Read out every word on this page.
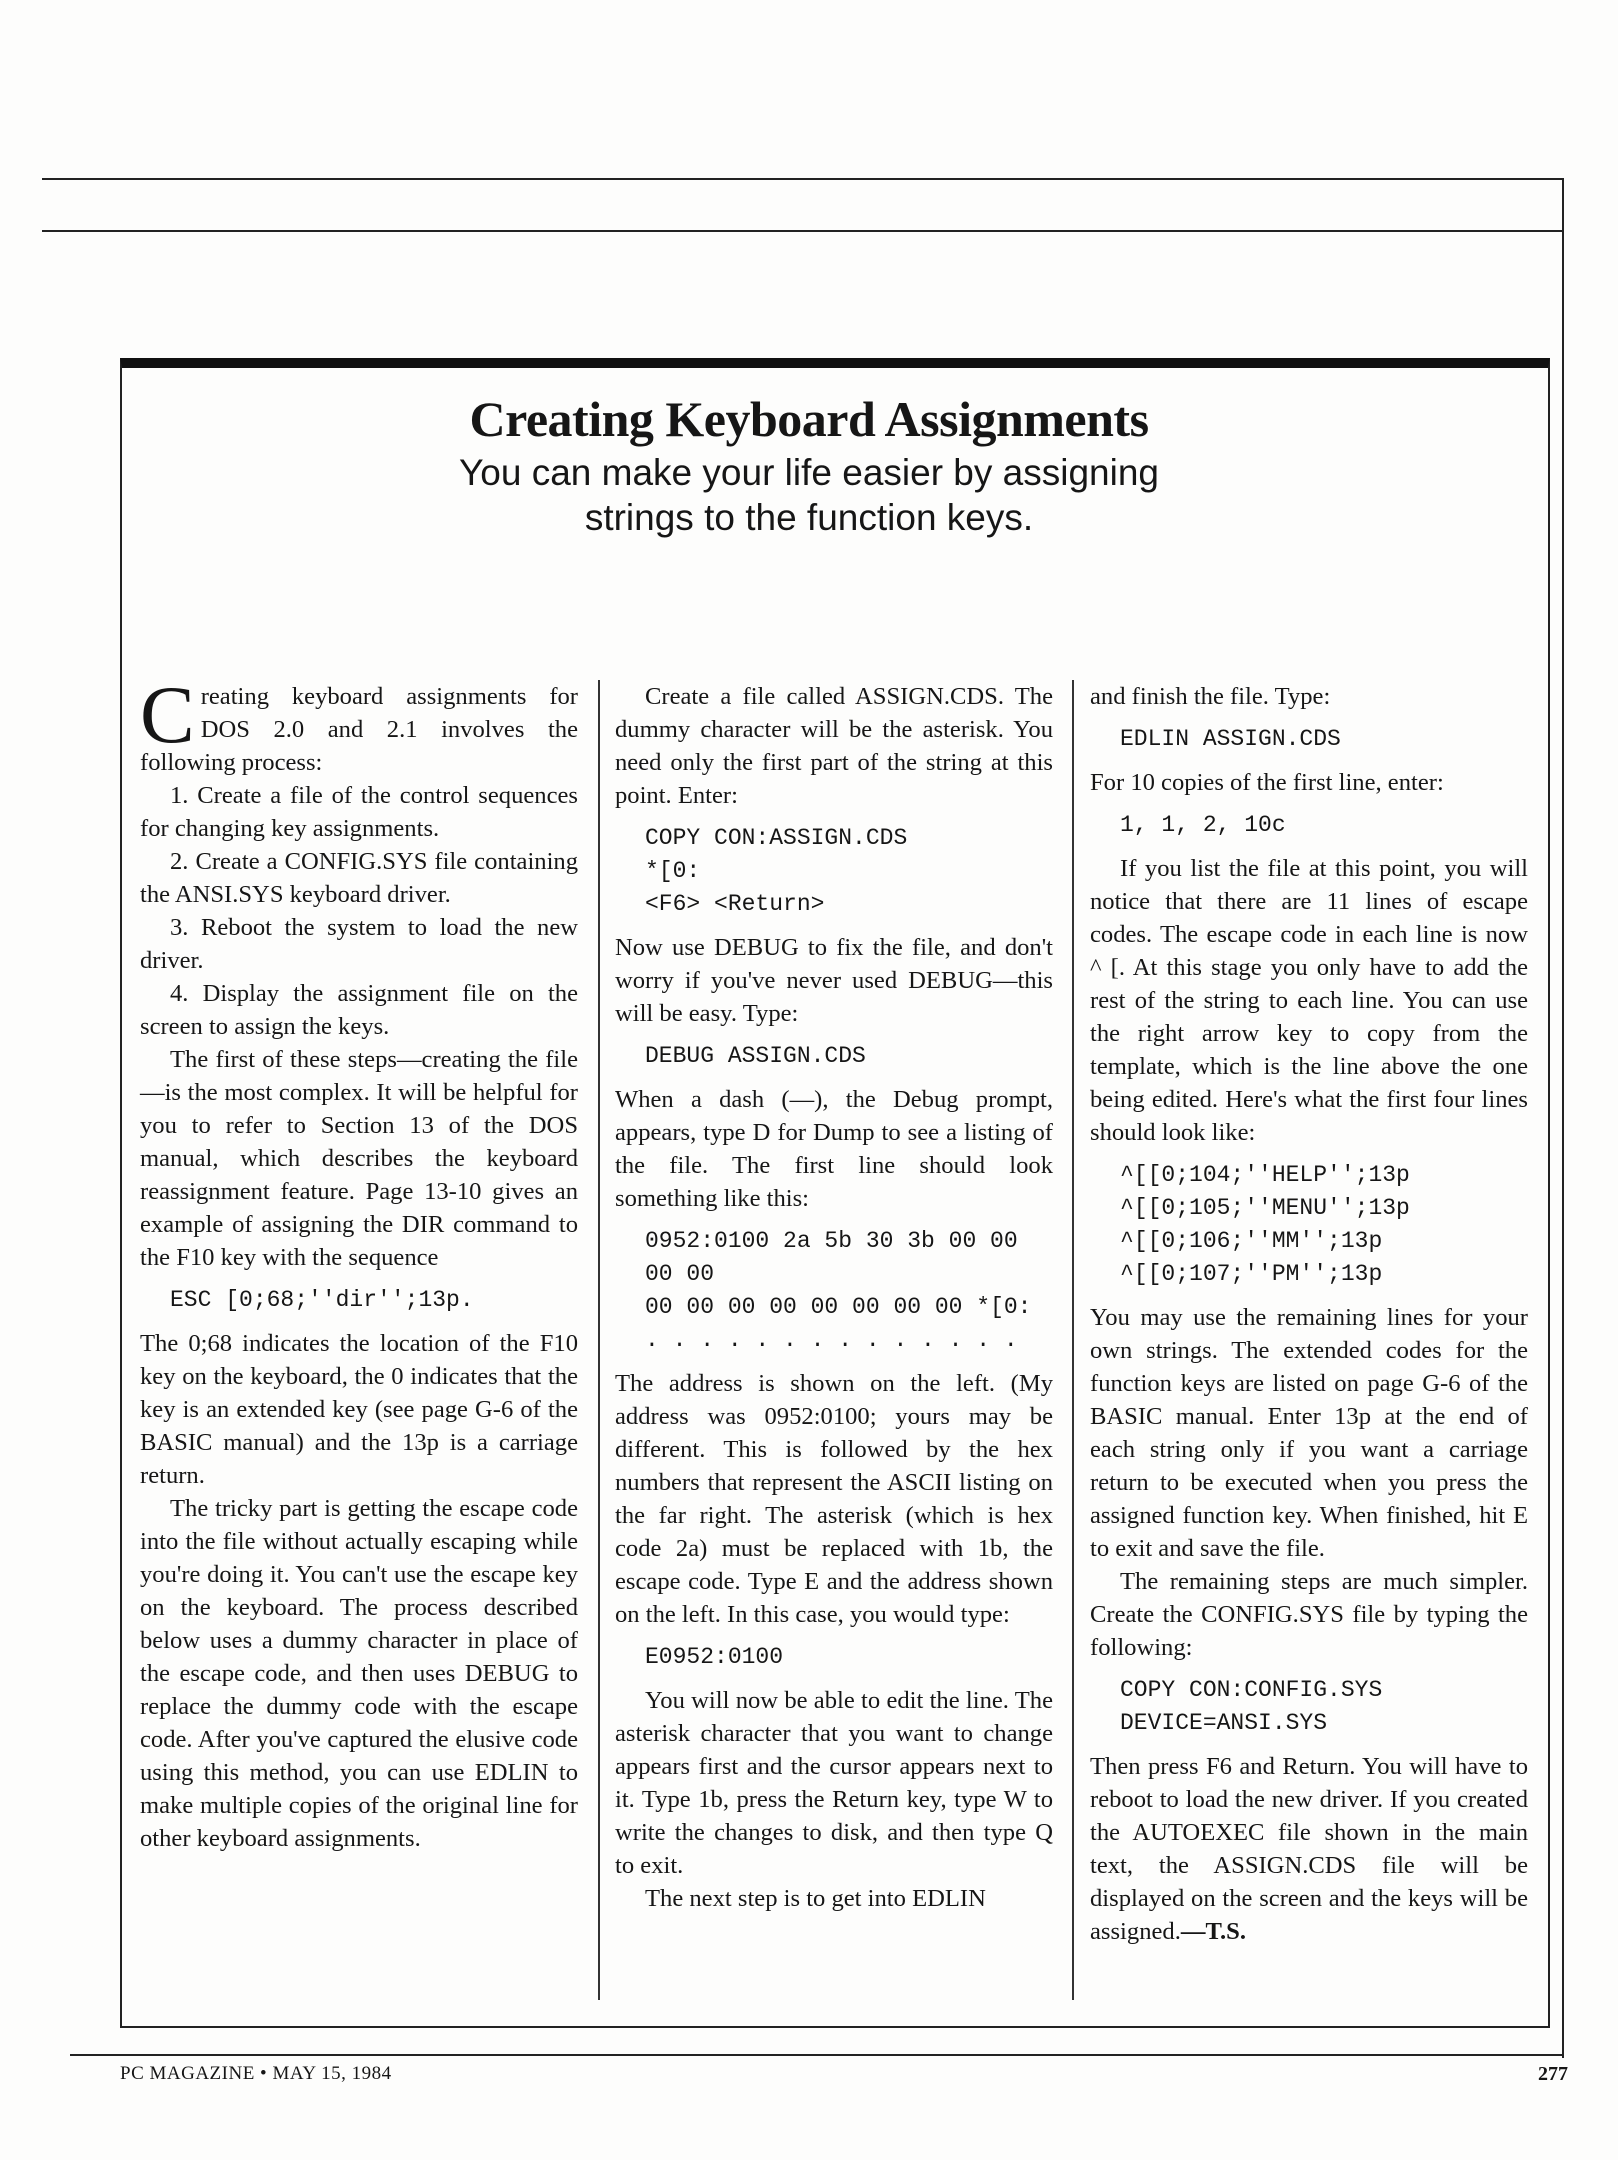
Creating Keyboard Assignments
You can make your life easier by assigning
strings to the function keys.

Creating keyboard assignments for DOS 2.0 and 2.1 involves the following process:

1. Create a file of the control sequences for changing key assignments.

2. Create a CONFIG.SYS file containing the ANSI.SYS keyboard driver.

3. Reboot the system to load the new driver.

4. Display the assignment file on the screen to assign the keys.

The first of these steps—creating the file—is the most complex. It will be helpful for you to refer to Section 13 of the DOS manual, which describes the keyboard reassignment feature. Page 13-10 gives an example of assigning the DIR command to the F10 key with the sequence

ESC [0;68;''dir'';13p.

The 0;68 indicates the location of the F10 key on the keyboard, the 0 indicates that the key is an extended key (see page G-6 of the BASIC manual) and the 13p is a carriage return.

The tricky part is getting the escape code into the file without actually escaping while you're doing it. You can't use the escape key on the keyboard. The process described below uses a dummy character in place of the escape code, and then uses DEBUG to replace the dummy code with the escape code. After you've captured the elusive code using this method, you can use EDLIN to make multiple copies of the original line for other keyboard assignments.

Create a file called ASSIGN.CDS. The dummy character will be the asterisk. You need only the first part of the string at this point. Enter:

COPY CON:ASSIGN.CDS
*[0:
<F6> <Return>

Now use DEBUG to fix the file, and don't worry if you've never used DEBUG—this will be easy. Type:

DEBUG ASSIGN.CDS

When a dash (—), the Debug prompt, appears, type D for Dump to see a listing of the file. The first line should look something like this:

0952:0100 2a 5b 30 3b 00 00
00 00
00 00 00 00 00 00 00 00 *[0:
. . . . . . . . . . . . . .

The address is shown on the left. (My address was 0952:0100; yours may be different. This is followed by the hex numbers that represent the ASCII listing on the far right. The asterisk (which is hex code 2a) must be replaced with 1b, the escape code. Type E and the address shown on the left. In this case, you would type:

E0952:0100

You will now be able to edit the line. The asterisk character that you want to change appears first and the cursor appears next to it. Type 1b, press the Return key, type W to write the changes to disk, and then type Q to exit.

The next step is to get into EDLIN

and finish the file. Type:

EDLIN ASSIGN.CDS

For 10 copies of the first line, enter:

1, 1, 2, 10c

If you list the file at this point, you will notice that there are 11 lines of escape codes. The escape code in each line is now ^ [. At this stage you only have to add the rest of the string to each line. You can use the right arrow key to copy from the template, which is the line above the one being edited. Here's what the first four lines should look like:

^[[0;104;''HELP'';13p
^[[0;105;''MENU'';13p
^[[0;106;''MM'';13p
^[[0;107;''PM'';13p

You may use the remaining lines for your own strings. The extended codes for the function keys are listed on page G-6 of the BASIC manual. Enter 13p at the end of each string only if you want a carriage return to be executed when you press the assigned function key. When finished, hit E to exit and save the file.

The remaining steps are much simpler. Create the CONFIG.SYS file by typing the following:

COPY CON:CONFIG.SYS
DEVICE=ANSI.SYS

Then press F6 and Return. You will have to reboot to load the new driver. If you created the AUTOEXEC file shown in the main text, the ASSIGN.CDS file will be displayed on the screen and the keys will be assigned.—T.S.

PC MAGAZINE • MAY 15, 1984	277
